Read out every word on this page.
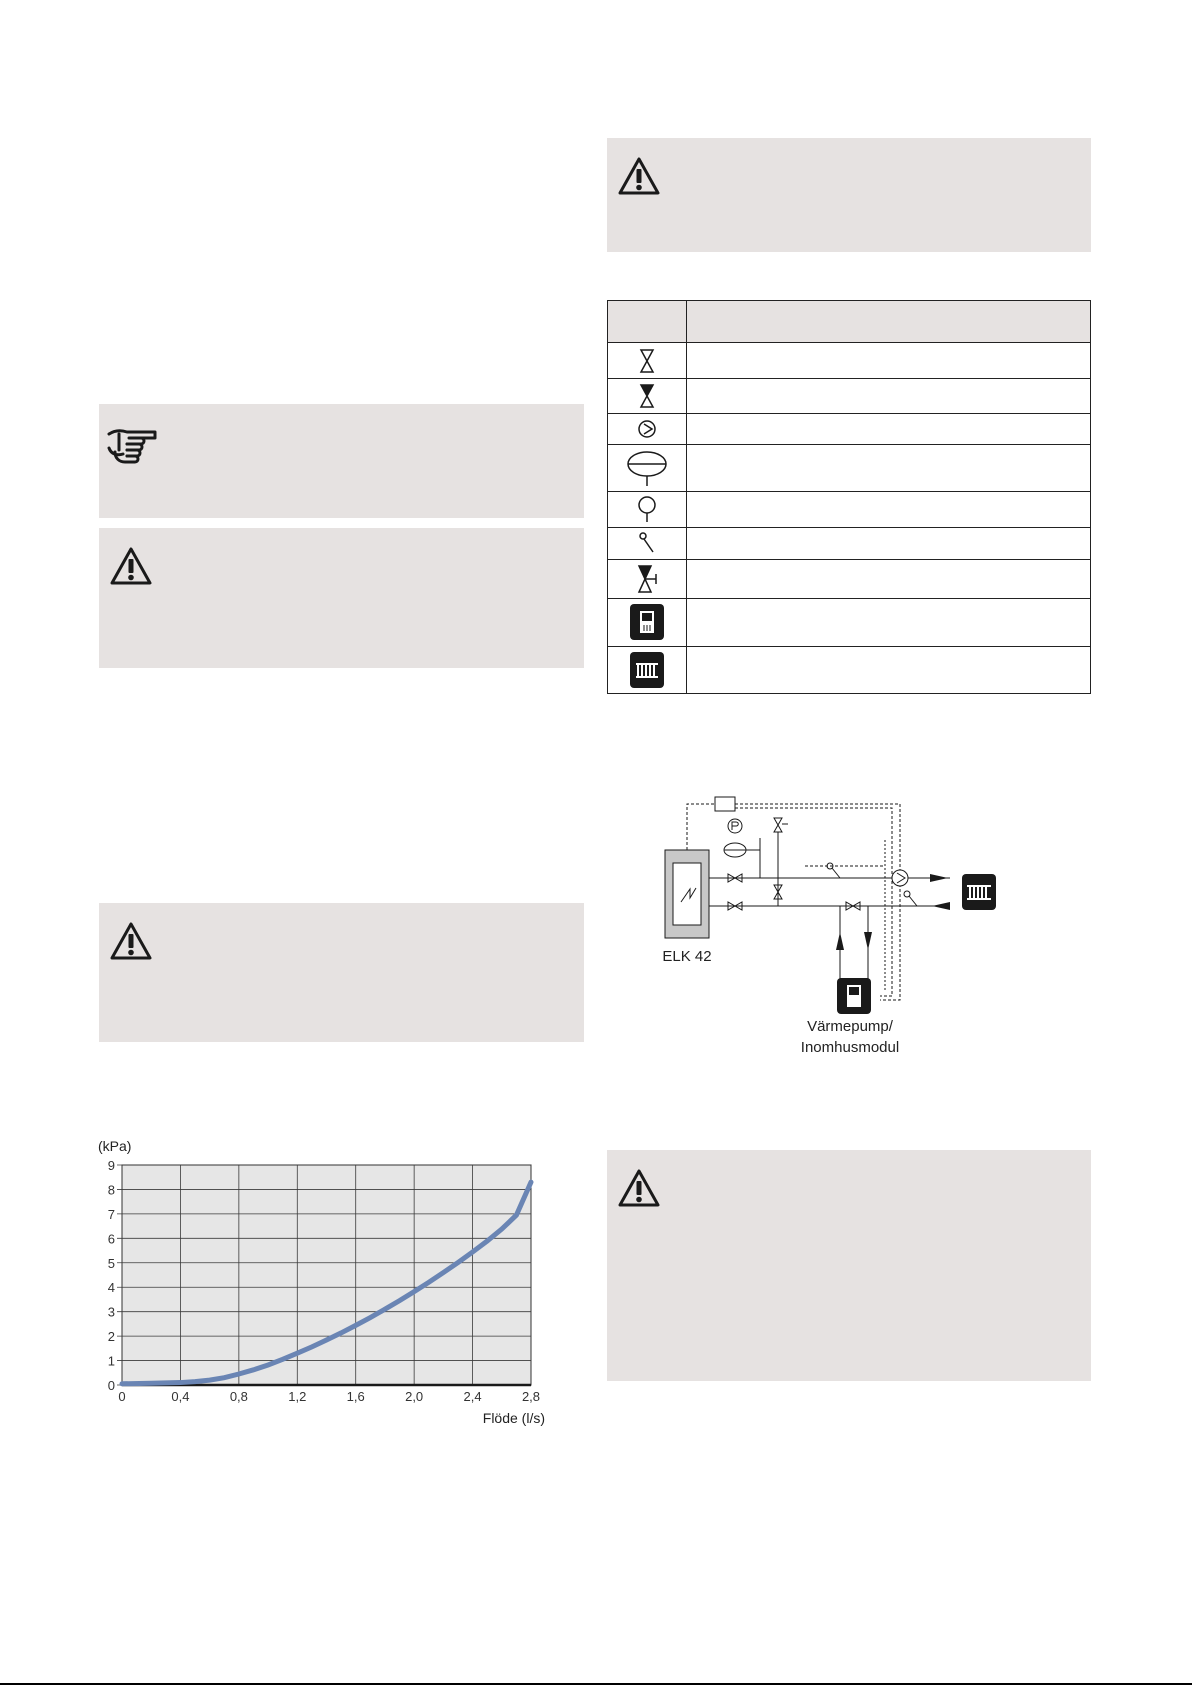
ELK 42
Värmepump/
Inomhusmodul
0	0,4	0,8	1,2	1,6	2,0	2,4	2,8
0
1
2
3
4
5
6
7
8
9
(kPa)
Flöde (l/s)
